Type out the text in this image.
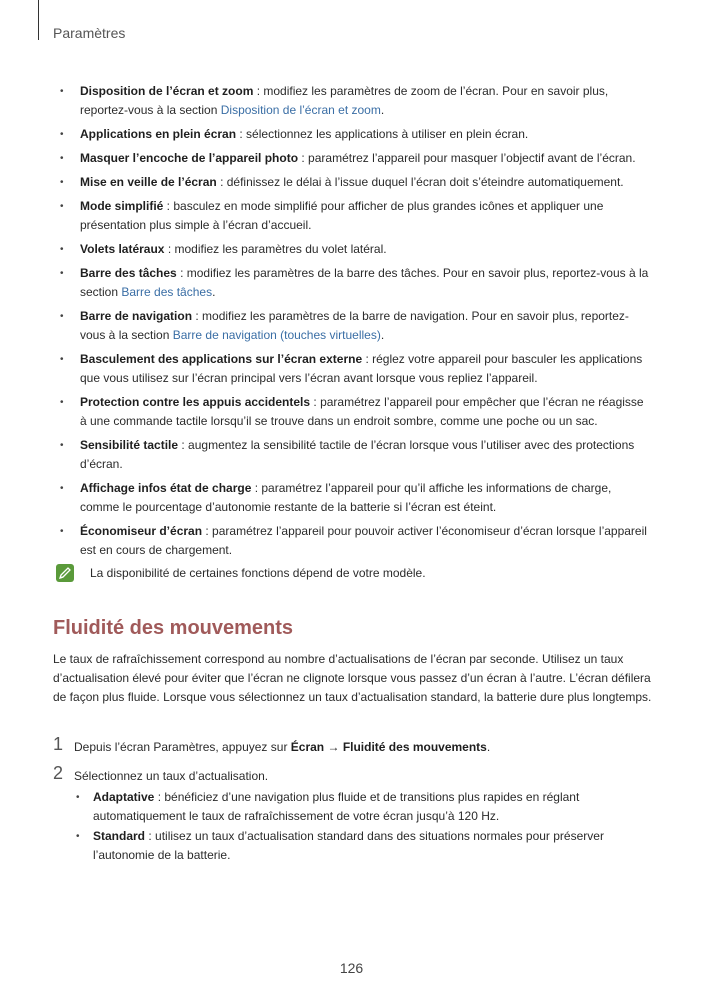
Paramètres
• Disposition de l’écran et zoom : modifiez les paramètres de zoom de l’écran. Pour en savoir plus, reportez-vous à la section Disposition de l’écran et zoom.
• Applications en plein écran : sélectionnez les applications à utiliser en plein écran.
• Masquer l’encoche de l’appareil photo : paramétrez l’appareil pour masquer l’objectif avant de l’écran.
• Mise en veille de l’écran : définissez le délai à l’issue duquel l’écran doit s’éteindre automatiquement.
• Mode simplifié : basculez en mode simplifié pour afficher de plus grandes icônes et appliquer une présentation plus simple à l’écran d’accueil.
• Volets latéraux : modifiez les paramètres du volet latéral.
• Barre des tâches : modifiez les paramètres de la barre des tâches. Pour en savoir plus, reportez-vous à la section Barre des tâches.
• Barre de navigation : modifiez les paramètres de la barre de navigation. Pour en savoir plus, reportez-vous à la section Barre de navigation (touches virtuelles).
• Basculement des applications sur l’écran externe : réglez votre appareil pour basculer les applications que vous utilisez sur l’écran principal vers l’écran avant lorsque vous repliez l’appareil.
• Protection contre les appuis accidentels : paramétrez l’appareil pour empêcher que l’écran ne réagisse à une commande tactile lorsqu’il se trouve dans un endroit sombre, comme une poche ou un sac.
• Sensibilité tactile : augmentez la sensibilité tactile de l’écran lorsque vous l’utiliser avec des protections d’écran.
• Affichage infos état de charge : paramétrez l’appareil pour qu’il affiche les informations de charge, comme le pourcentage d’autonomie restante de la batterie si l’écran est éteint.
• Économiseur d’écran : paramétrez l’appareil pour pouvoir activer l’économiseur d’écran lorsque l’appareil est en cours de chargement.
La disponibilité de certaines fonctions dépend de votre modèle.
Fluidité des mouvements
Le taux de rafraîchissement correspond au nombre d’actualisations de l’écran par seconde. Utilisez un taux d’actualisation élevé pour éviter que l’écran ne clignote lorsque vous passez d’un écran à l’autre. L’écran défilera de façon plus fluide. Lorsque vous sélectionnez un taux d’actualisation standard, la batterie dure plus longtemps.
1 Depuis l’écran Paramètres, appuyez sur Écran → Fluidité des mouvements.
2 Sélectionnez un taux d’actualisation.
• Adaptative : bénéficiez d’une navigation plus fluide et de transitions plus rapides en réglant automatiquement le taux de rafraîchissement de votre écran jusqu’à 120 Hz.
• Standard : utilisez un taux d’actualisation standard dans des situations normales pour préserver l’autonomie de la batterie.
126
